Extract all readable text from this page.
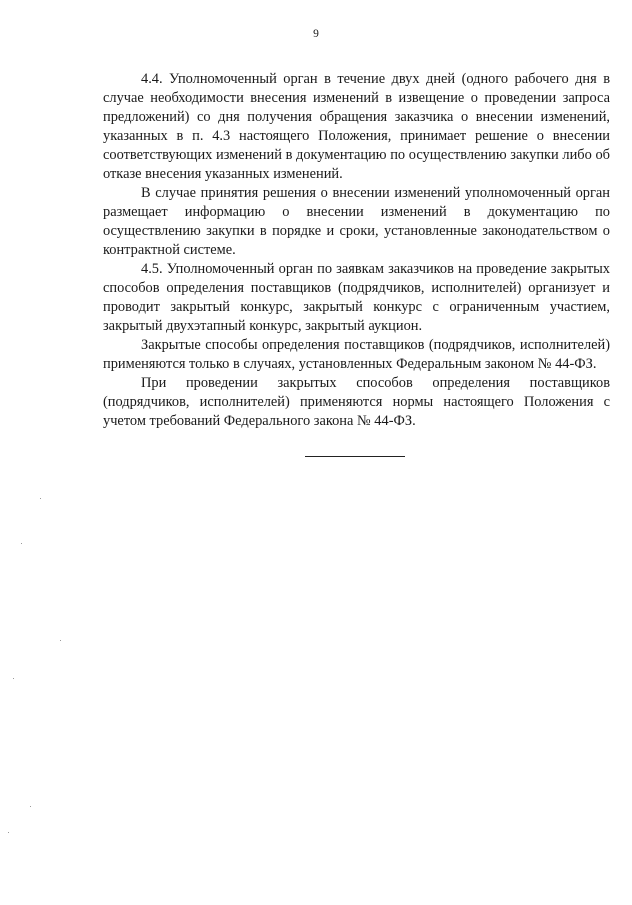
9

4.4. Уполномоченный орган в течение двух дней (одного рабочего дня в случае необходимости внесения изменений в извещение о проведении запроса предложений) со дня получения обращения заказчика о внесении изменений, указанных в п. 4.3 настоящего Положения, принимает решение о внесении соответствующих изменений в документацию по осуществлению закупки либо об отказе внесения указанных изменений.

В случае принятия решения о внесении изменений уполномоченный орган размещает информацию о внесении изменений в документацию по осуществлению закупки в порядке и сроки, установленные законодательством о контрактной системе.

4.5. Уполномоченный орган по заявкам заказчиков на проведение закрытых способов определения поставщиков (подрядчиков, исполнителей) организует и проводит закрытый конкурс, закрытый конкурс с ограниченным участием, закрытый двухэтапный конкурс, закрытый аукцион.

Закрытые способы определения поставщиков (подрядчиков, исполнителей) применяются только в случаях, установленных Федеральным законом № 44-ФЗ.

При проведении закрытых способов определения поставщиков (подрядчиков, исполнителей) применяются нормы настоящего Положения с учетом требований Федерального закона № 44-ФЗ.
